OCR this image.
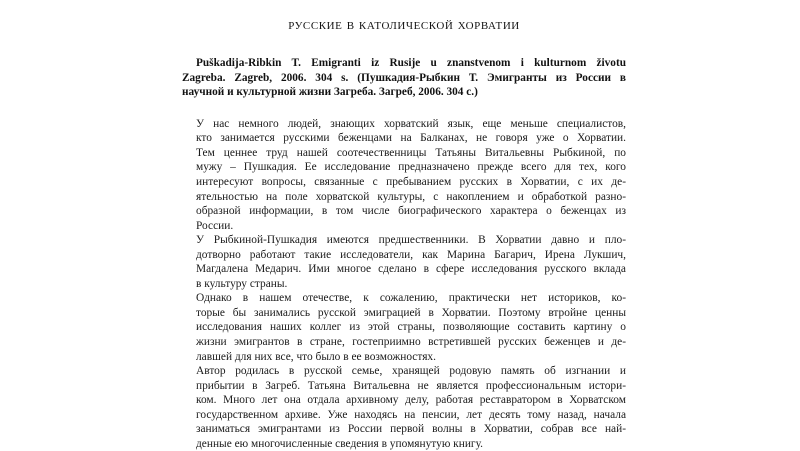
русские в католической хорватии
Puškadija-Ribkin T. Emigranti iz Rusije u znanstvenom i kulturnom životu
Zagreba. Zagreb, 2006. 304 s. (Пушкадия-Рыбкин Т. Эмигранты из России в
научной и культурной жизни Загреба. Загреб, 2006. 304 с.)

У нас немного людей, знающих хорватский язык, еще меньше специалистов,
кто занимается русскими беженцами на Балканах, не говоря уже о Хорватии.
Тем ценнее труд нашей соотечественницы Татьяны Витальевны Рыбкиной, по
мужу – Пушкадия. Ее исследование предназначено прежде всего для тех, кого
интересуют вопросы, связанные с пребыванием русских в Хорватии, с их де-
ятельностью на поле хорватской культуры, с накоплением и обработкой разно-
образной информации, в том числе биографического характера о беженцах из
России.

У Рыбкиной-Пушкадия имеются предшественники. В Хорватии давно и пло-
дотворно работают такие исследователи, как Марина Багарич, Ирена Лукшич,
Магдалена Медарич. Ими многое сделано в сфере исследования русского вклада
в культуру страны.

Однако в нашем отечестве, к сожалению, практически нет историков, ко-
торые бы занимались русской эмиграцией в Хорватии. Поэтому втройне ценны
исследования наших коллег из этой страны, позволяющие составить картину о
жизни эмигрантов в стране, гостеприимно встретившей русских беженцев и де-
лавшей для них все, что было в ее возможностях.

Автор родилась в русской семье, хранящей родовую память об изгнании и
прибытии в Загреб. Татьяна Витальевна не является профессиональным истори-
ком. Много лет она отдала архивному делу, работая реставратором в Хорватском
государственном архиве. Уже находясь на пенсии, лет десять тому назад, начала
заниматься эмигрантами из России первой волны в Хорватии, собрав все най-
денные ею многочисленные сведения в упомянутую книгу.
